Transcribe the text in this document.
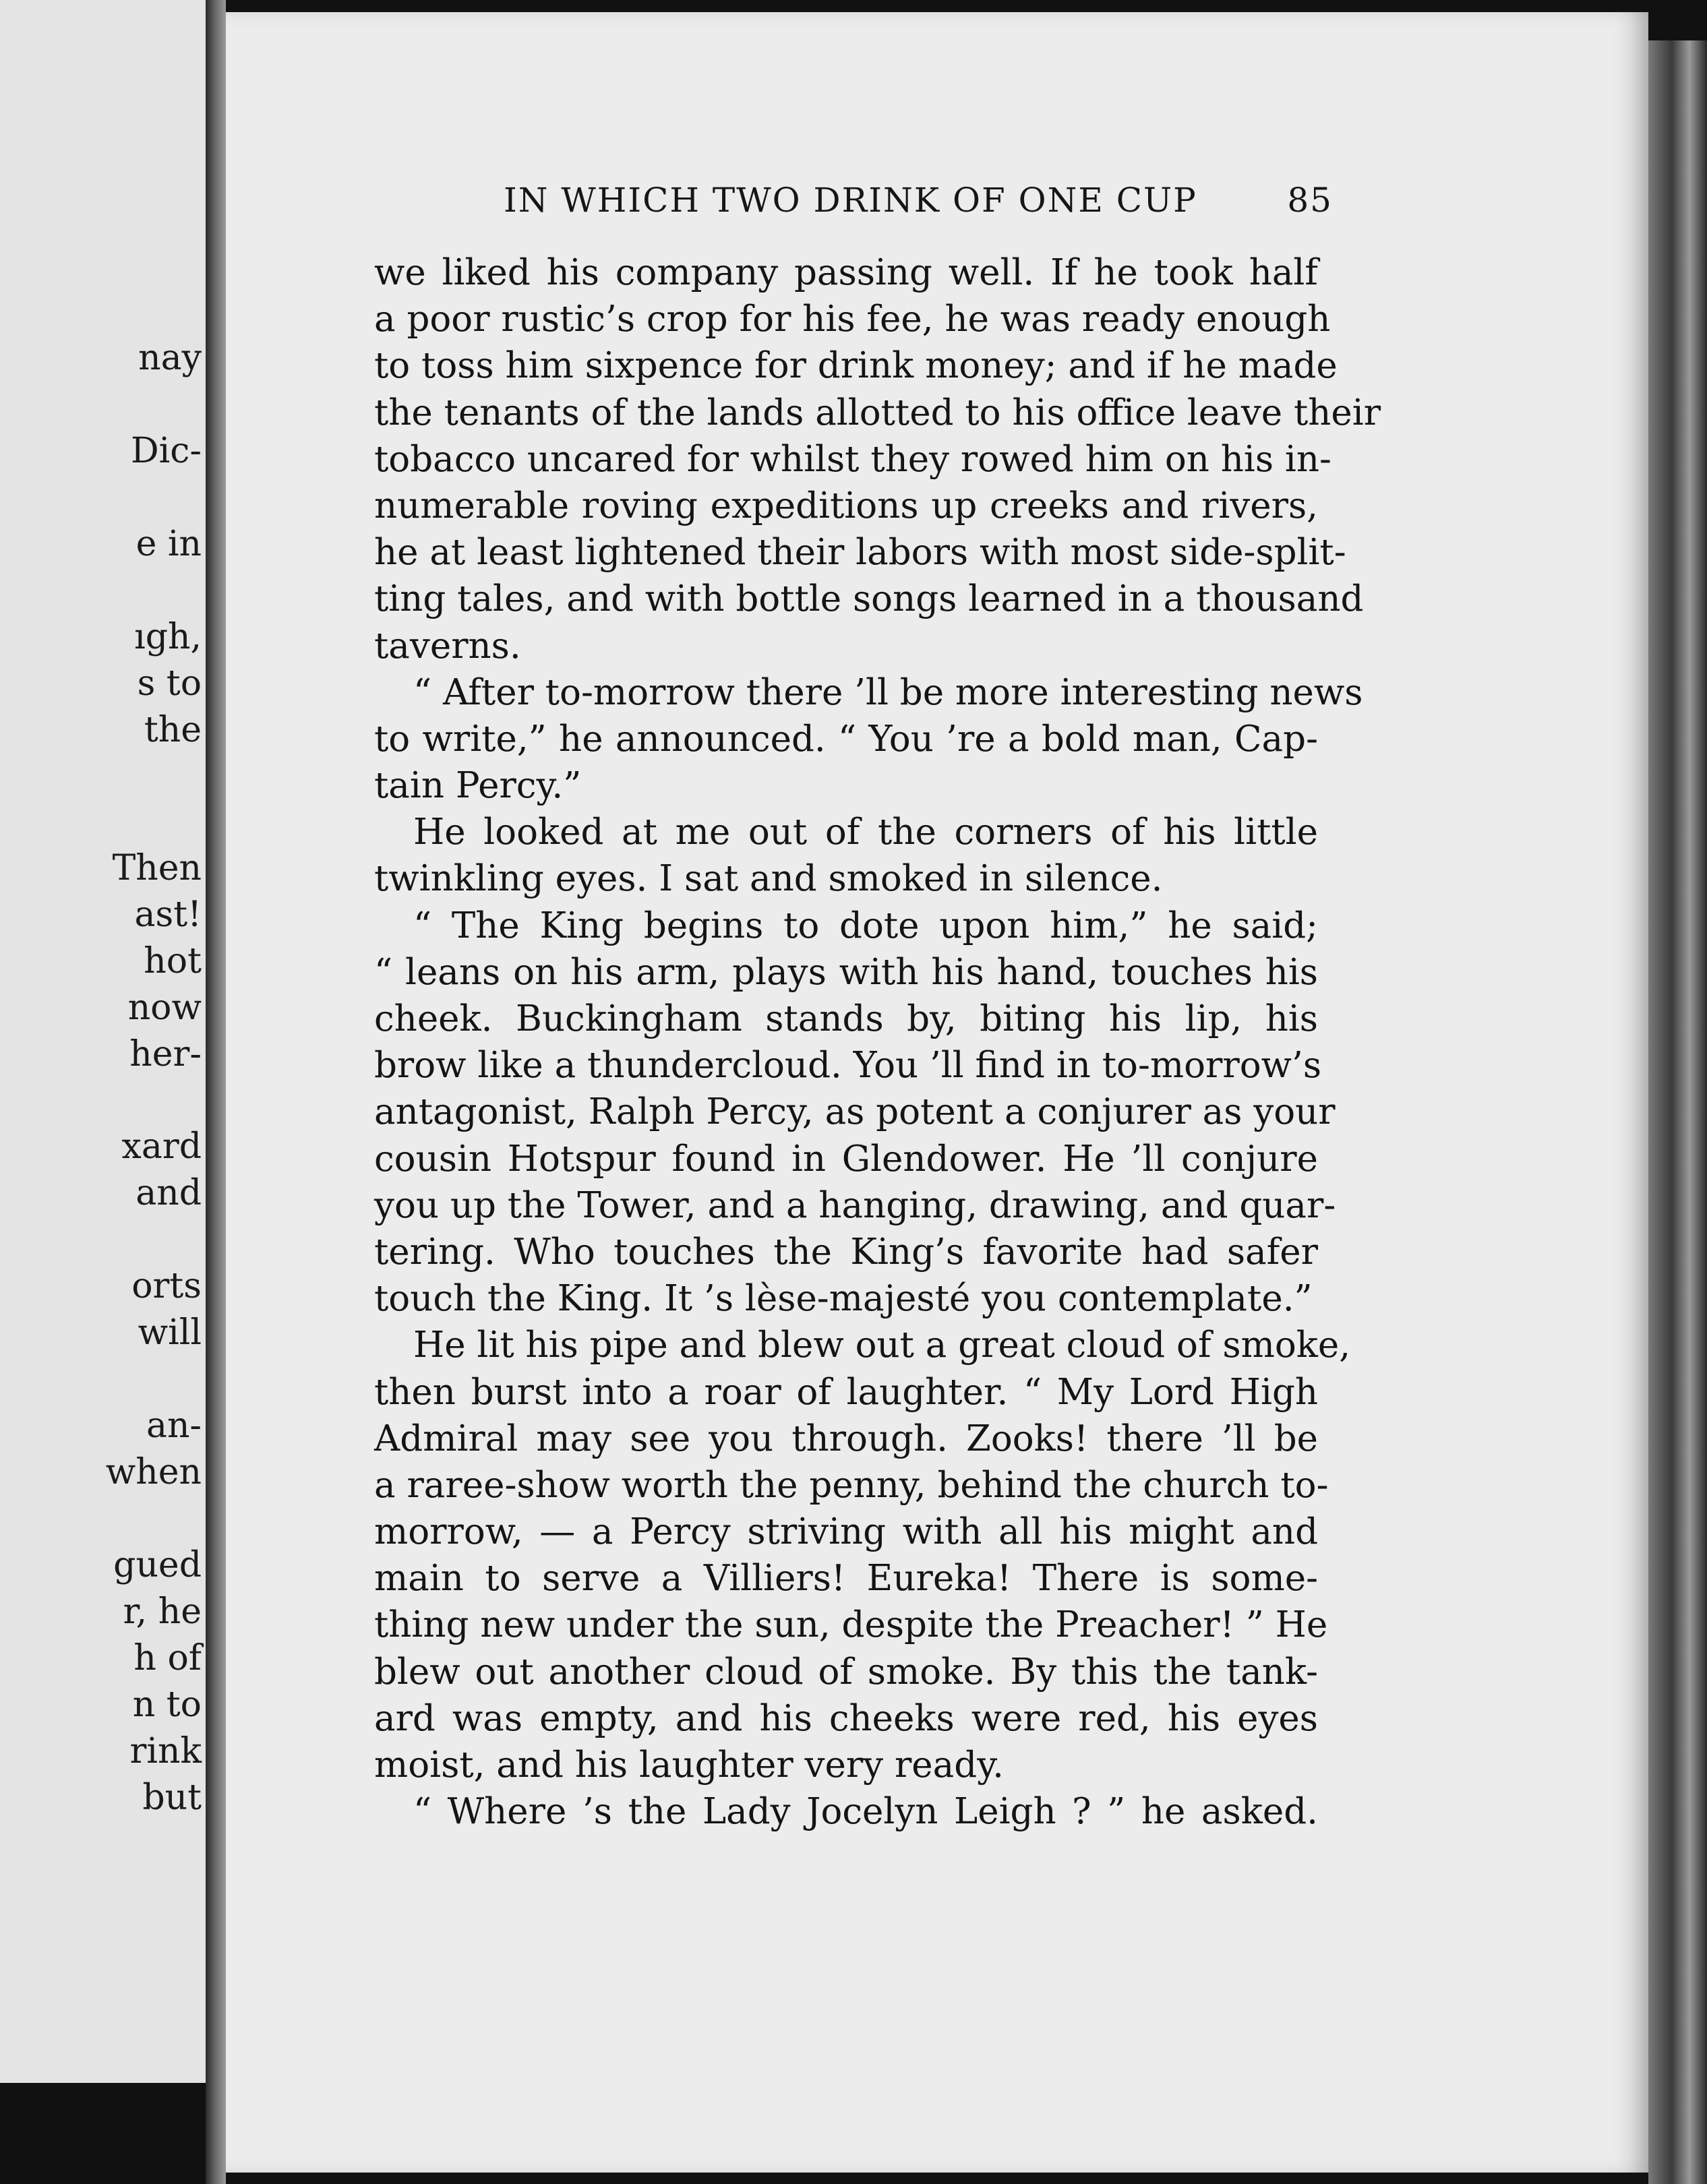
nay
Dic-
e in
ıgh,
s to
the
Then
ast!
hot
now
her-
xard
and
orts
will
an-
when
gued
r, he
h of
n to
rink
but
IN WHICH TWO DRINK OF ONE CUP	85
we liked his company passing well. If he took half
a poor rustic’s crop for his fee, he was ready enough
to toss him sixpence for drink money; and if he made
the tenants of the lands allotted to his office leave their
tobacco uncared for whilst they rowed him on his in-
numerable roving expeditions up creeks and rivers,
he at least lightened their labors with most side-split-
ting tales, and with bottle songs learned in a thousand
taverns.
“ After to-morrow there ’ll be more interesting news
to write,” he announced. “ You ’re a bold man, Cap-
tain Percy.”
He looked at me out of the corners of his little
twinkling eyes. I sat and smoked in silence.
“ The King begins to dote upon him,” he said;
“ leans on his arm, plays with his hand, touches his
cheek. Buckingham stands by, biting his lip, his
brow like a thundercloud. You ’ll find in to-morrow’s
antagonist, Ralph Percy, as potent a conjurer as your
cousin Hotspur found in Glendower. He ’ll conjure
you up the Tower, and a hanging, drawing, and quar-
tering. Who touches the King’s favorite had safer
touch the King. It ’s lèse-majesté you contemplate.”
He lit his pipe and blew out a great cloud of smoke,
then burst into a roar of laughter. “ My Lord High
Admiral may see you through. Zooks! there ’ll be
a raree-show worth the penny, behind the church to-
morrow, — a Percy striving with all his might and
main to serve a Villiers! Eureka! There is some-
thing new under the sun, despite the Preacher! ” He
blew out another cloud of smoke. By this the tank-
ard was empty, and his cheeks were red, his eyes
moist, and his laughter very ready.
“ Where ’s the Lady Jocelyn Leigh ? ” he asked.
